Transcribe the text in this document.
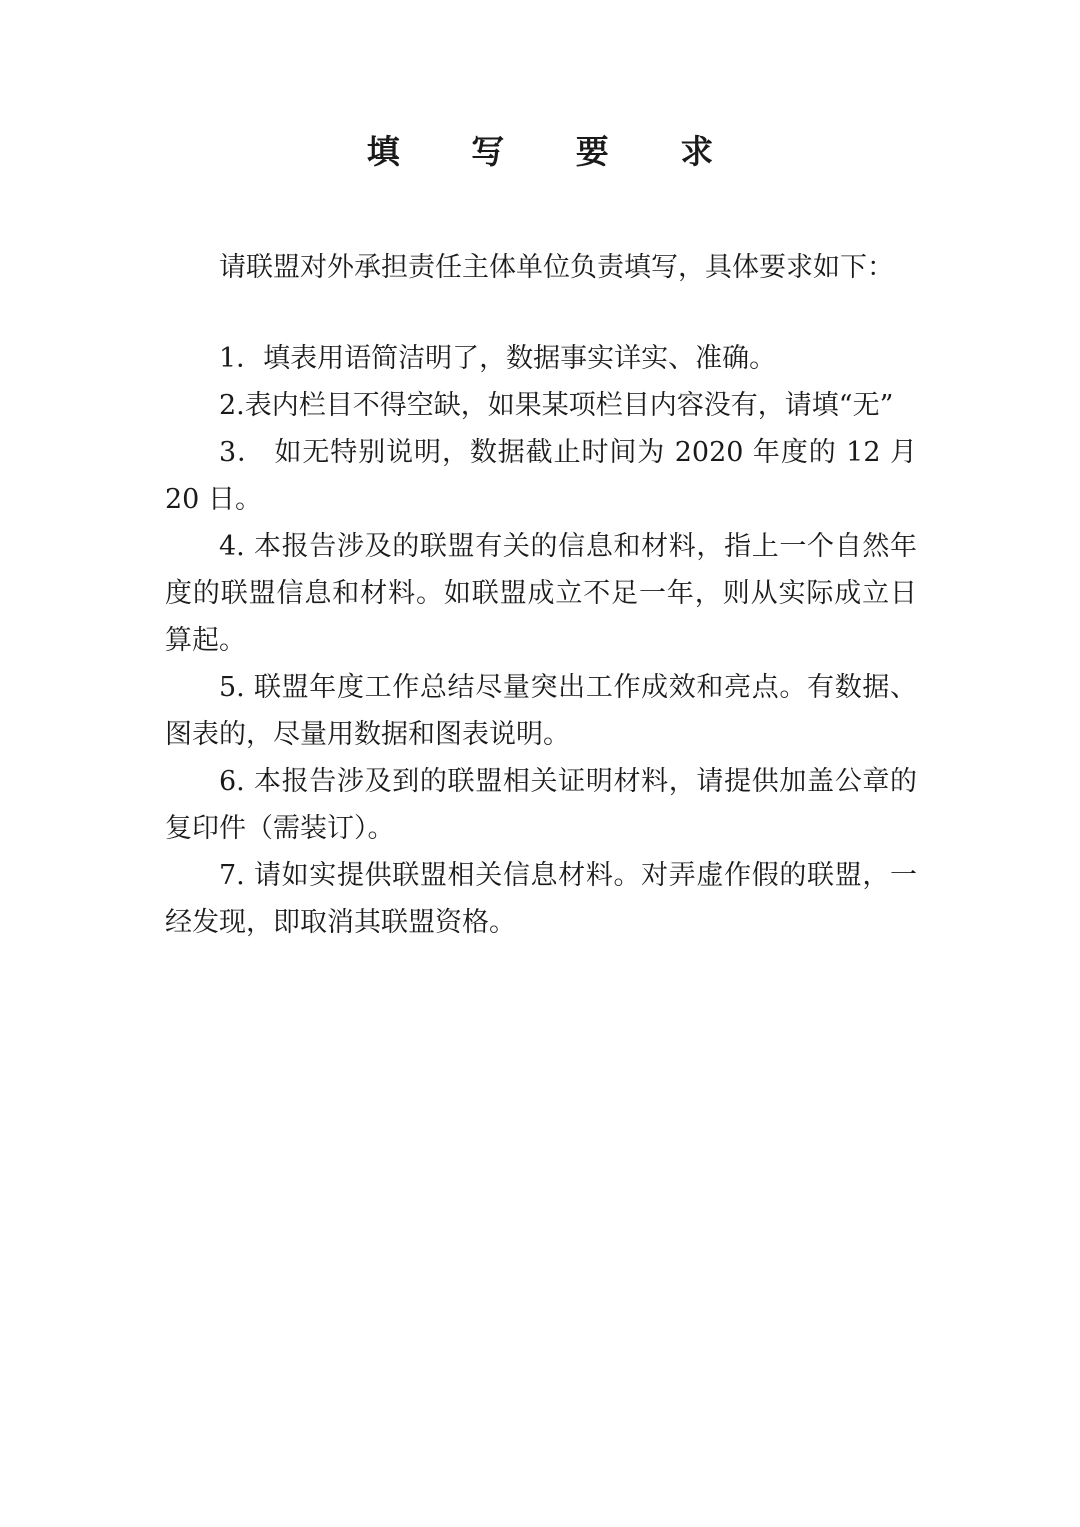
填 写 要 求

请联盟对外承担责任主体单位负责填写，具体要求如下：

1．填表用语简洁明了，数据事实详实、准确。

2.表内栏目不得空缺，如果某项栏目内容没有，请填“无”

3． 如无特别说明，数据截止时间为 2020 年度的 12 月 20 日。

4. 本报告涉及的联盟有关的信息和材料，指上一个自然年度的联盟信息和材料。如联盟成立不足一年，则从实际成立日算起。

5. 联盟年度工作总结尽量突出工作成效和亮点。有数据、图表的，尽量用数据和图表说明。

6. 本报告涉及到的联盟相关证明材料，请提供加盖公章的复印件（需装订）。

7. 请如实提供联盟相关信息材料。对弄虚作假的联盟，一经发现，即取消其联盟资格。
